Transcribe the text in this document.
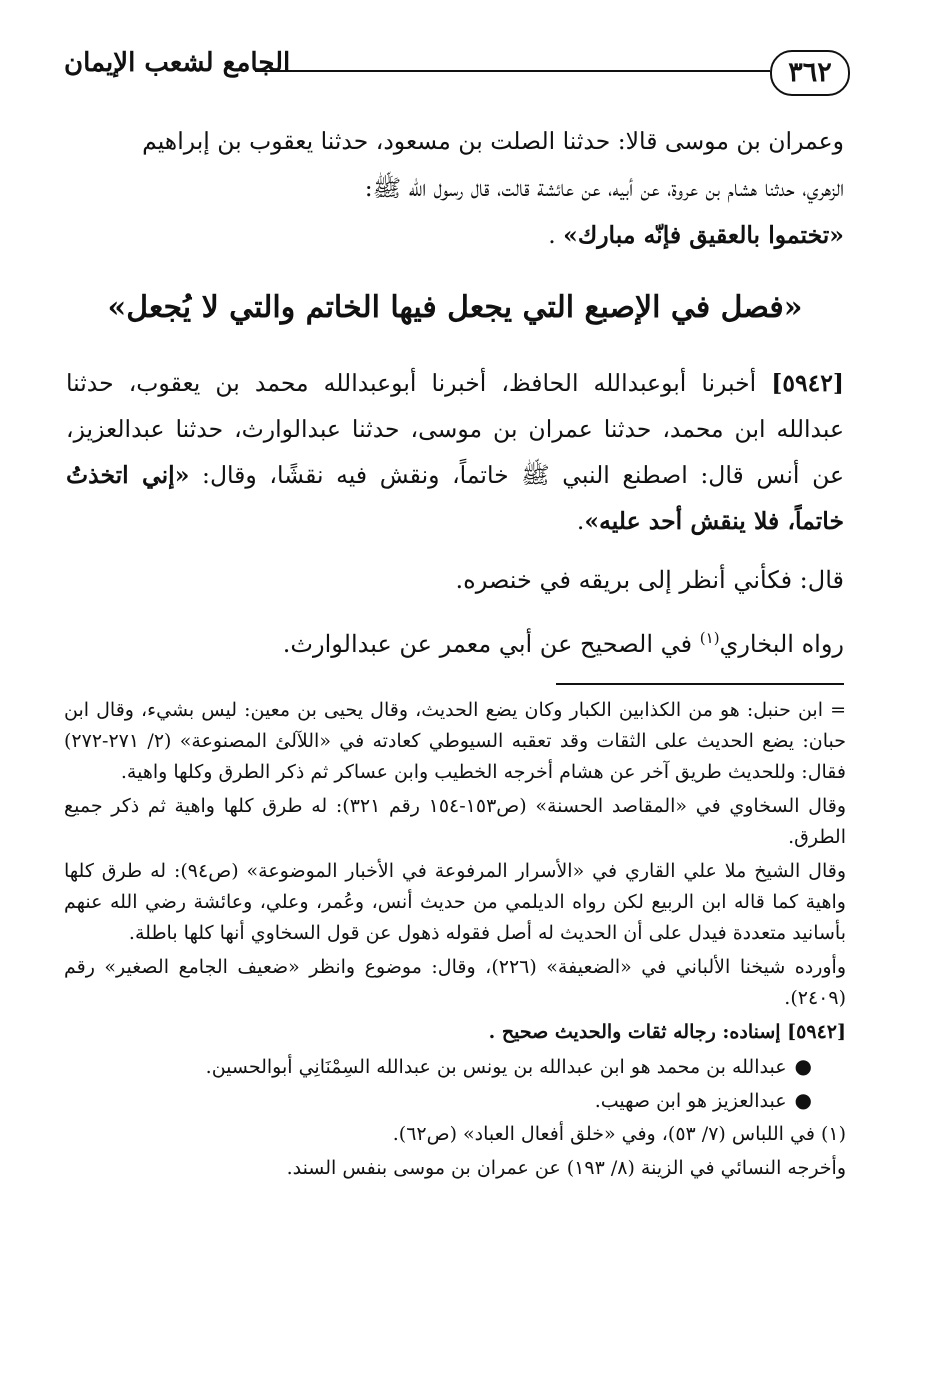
٣٦٢
الجامع لشعب الإيمان
وعمران بن موسى قالا: حدثنا الصلت بن مسعود، حدثنا يعقوب بن إبراهيم
الزهري، حدثنا هشام بن عروة، عن أبيه، عن عائشة قالت، قال رسول الله ﷺ:
«تختموا بالعقيق فإنّه مبارك» .
«فصل في الإصبع التي يجعل فيها الخاتم والتي لا يُجعل»
[٥٩٤٢] أخبرنا أبوعبدالله الحافظ، أخبرنا أبوعبدالله محمد بن يعقوب، حدثنا عبدالله ابن محمد، حدثنا عمران بن موسى، حدثنا عبدالوارث، حدثنا عبدالعزيز، عن أنس قال: اصطنع النبي ﷺ خاتماً، ونقش فيه نقشًا، وقال: «إني اتخذتُ خاتماً، فلا ينقش أحد عليه».
قال: فكأني أنظر إلى بريقه في خنصره.
رواه البخاري$^{(١)}$ في الصحيح عن أبي معمر عن عبدالوارث.

= ابن حنبل: هو من الكذابين الكبار وكان يضع الحديث، وقال يحيى بن معين: ليس بشيء، وقال ابن حبان: يضع الحديث على الثقات وقد تعقبه السيوطي كعادته في «اللآلئ المصنوعة» (٢/ ٢٧١-٢٧٢) فقال: وللحديث طريق آخر عن هشام أخرجه الخطيب وابن عساكر ثم ذكر الطرق وكلها واهية.

وقال السخاوي في «المقاصد الحسنة» (ص١٥٣-١٥٤ رقم ٣٢١): له طرق كلها واهية ثم ذكر جميع الطرق.

وقال الشيخ ملا علي القاري في «الأسرار المرفوعة في الأخبار الموضوعة» (ص٩٤): له طرق كلها واهية كما قاله ابن الربيع لكن رواه الديلمي من حديث أنس، وعُمر، وعلي، وعائشة رضي الله عنهم بأسانيد متعددة فيدل على أن الحديث له أصل فقوله ذهول عن قول السخاوي أنها كلها باطلة.

وأورده شيخنا الألباني في «الضعيفة» (٢٢٦)، وقال: موضوع وانظر «ضعيف الجامع الصغير» رقم (٢٤٠٩).

[٥٩٤٢] إسناده: رجاله ثقات والحديث صحيح .

●عبدالله بن محمد هو ابن عبدالله بن يونس بن عبدالله السِمْنَانِي أبوالحسين.

●عبدالعزيز هو ابن صهيب.

(١) في اللباس (٧/ ٥٣)، وفي «خلق أفعال العباد» (ص٦٢).

وأخرجه النسائي في الزينة (٨/ ١٩٣) عن عمران بن موسى بنفس السند.
